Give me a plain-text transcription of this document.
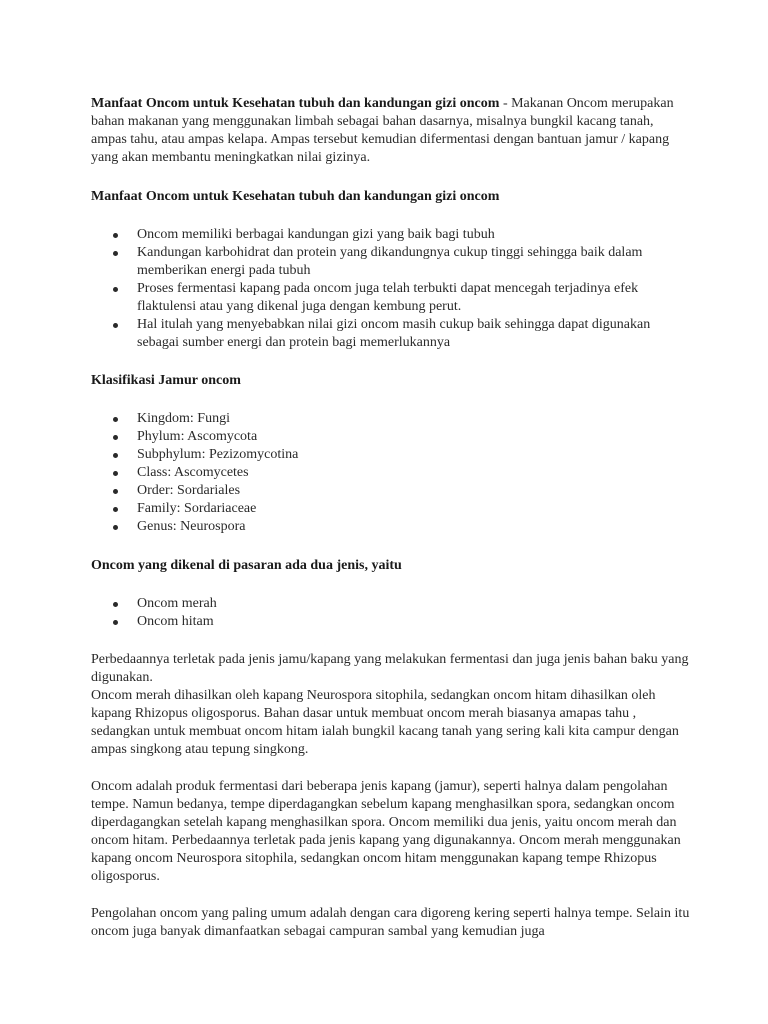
Manfaat Oncom untuk Kesehatan tubuh dan kandungan gizi oncom - Makanan Oncom merupakan bahan makanan yang menggunakan limbah sebagai bahan dasarnya, misalnya bungkil kacang tanah, ampas tahu, atau ampas kelapa. Ampas tersebut kemudian difermentasi dengan bantuan jamur / kapang yang akan membantu meningkatkan nilai gizinya.

Manfaat Oncom untuk Kesehatan tubuh dan kandungan gizi oncom

Oncom memiliki berbagai kandungan gizi yang baik bagi tubuh
Kandungan karbohidrat dan protein yang dikandungnya cukup tinggi sehingga baik dalam memberikan energi pada tubuh
Proses fermentasi kapang pada oncom juga telah terbukti dapat mencegah terjadinya efek flaktulensi atau yang dikenal juga dengan kembung perut.
Hal itulah yang menyebabkan nilai gizi oncom masih cukup baik sehingga dapat digunakan sebagai sumber energi dan protein bagi memerlukannya

Klasifikasi Jamur oncom

Kingdom: Fungi
Phylum: Ascomycota
Subphylum: Pezizomycotina
Class: Ascomycetes
Order: Sordariales
Family: Sordariaceae
Genus: Neurospora

Oncom yang dikenal di pasaran ada dua jenis, yaitu

Oncom merah
Oncom hitam

Perbedaannya terletak pada jenis jamu/kapang yang melakukan fermentasi dan juga jenis bahan baku yang digunakan.

Oncom merah dihasilkan oleh kapang Neurospora sitophila, sedangkan oncom hitam dihasilkan oleh kapang Rhizopus oligosporus. Bahan dasar untuk membuat oncom merah biasanya amapas tahu , sedangkan untuk membuat oncom hitam ialah bungkil kacang tanah yang sering kali kita campur dengan ampas singkong atau tepung singkong.

Oncom adalah produk fermentasi dari beberapa jenis kapang (jamur), seperti halnya dalam pengolahan tempe. Namun bedanya, tempe diperdagangkan sebelum kapang menghasilkan spora, sedangkan oncom diperdagangkan setelah kapang menghasilkan spora. Oncom memiliki dua jenis, yaitu oncom merah dan oncom hitam. Perbedaannya terletak pada jenis kapang yang digunakannya. Oncom merah menggunakan kapang oncom Neurospora sitophila, sedangkan oncom hitam menggunakan kapang tempe Rhizopus oligosporus.

Pengolahan oncom yang paling umum adalah dengan cara digoreng kering seperti halnya tempe. Selain itu oncom juga banyak dimanfaatkan sebagai campuran sambal yang kemudian juga
